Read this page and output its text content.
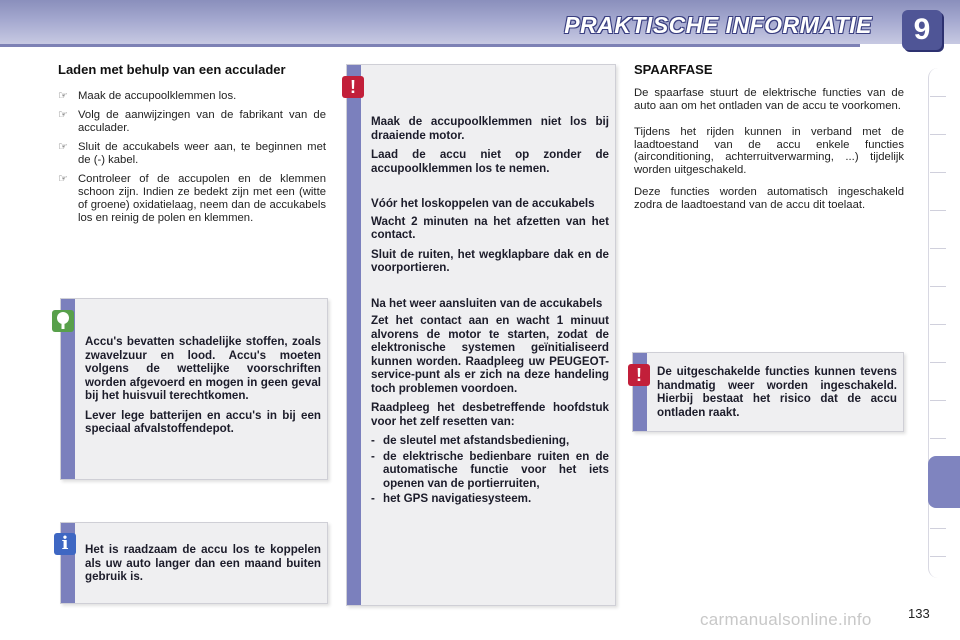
PRAKTISCHE INFORMATIE	9
Laden met behulp van een acculader
☞ Maak de accupoolklemmen los.
☞ Volg de aanwijzingen van de fabrikant van de acculader.
☞ Sluit de accukabels weer aan, te beginnen met de (-) kabel.
☞ Controleer of de accupolen en de klemmen schoon zijn. Indien ze bedekt zijn met een (witte of groene) oxidatielaag, neem dan de accukabels los en reinig de polen en klemmen.

Accu's bevatten schadelijke stoffen, zoals zwavelzuur en lood. Accu's moeten volgens de wettelijke voorschriften worden afgevoerd en mogen in geen geval bij het huisvuil terechtkomen.

Lever lege batterijen en accu's in bij een speciaal afvalstoffendepot.

Het is raadzaam de accu los te koppelen als uw auto langer dan een maand buiten gebruik is.

i

Maak de accupoolklemmen niet los bij draaiende motor.

Laad de accu niet op zonder de accupoolklemmen los te nemen.

Vóór het loskoppelen van de accukabels

Wacht 2 minuten na het afzetten van het contact.

Sluit de ruiten, het wegklapbare dak en de voorportieren.

Na het weer aansluiten van de accukabels

Zet het contact aan en wacht 1 minuut alvorens de motor te starten, zodat de elektronische systemen geïnitialiseerd kunnen worden. Raadpleeg uw PEUGEOT-service-punt als er zich na deze handeling toch problemen voordoen.

Raadpleeg het desbetreffende hoofdstuk voor het zelf resetten van:

- de sleutel met afstandsbediening,
- de elektrische bedienbare ruiten en de automatische functie voor het iets openen van de portierruiten,
- het GPS navigatiesysteem.
!
SPAARFASE

De spaarfase stuurt de elektrische functies van de auto aan om het ontladen van de accu te voorkomen.

Tijdens het rijden kunnen in verband met de laadtoestand van de accu enkele functies (airconditioning, achterruitverwarming, ...) tijdelijk worden uitgeschakeld.

Deze functies worden automatisch ingeschakeld zodra de laadtoestand van de accu dit toelaat.

De uitgeschakelde functies kunnen tevens handmatig weer worden ingeschakeld. Hierbij bestaat het risico dat de accu ontladen raakt.

!
carmanualsonline.info	133
